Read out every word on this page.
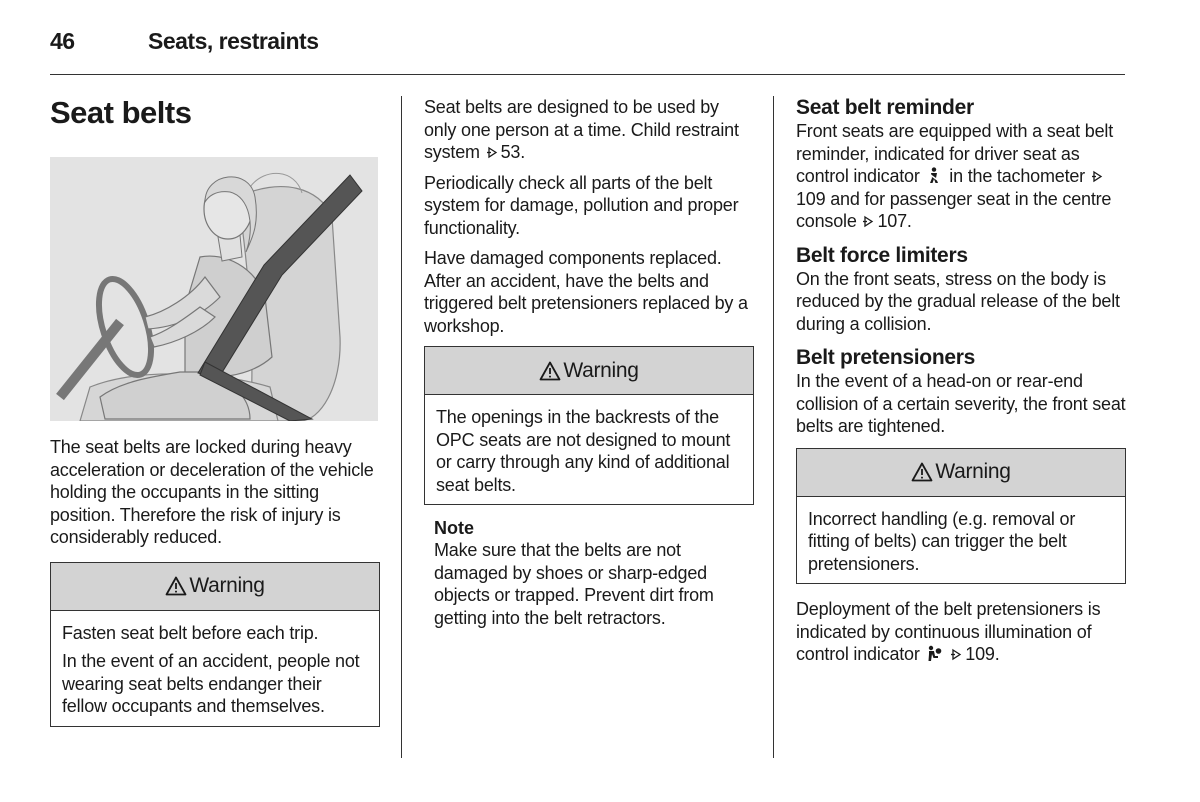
46	Seats, restraints
Seat belts

The seat belts are locked during heavy acceleration or deceleration of the vehicle holding the occupants in the sitting position. Therefore the risk of injury is considerably reduced.

Warning

Fasten seat belt before each trip.

In the event of an accident, people not wearing seat belts endanger their fellow occupants and themselves.

Seat belts are designed to be used by only one person at a time. Child restraint system 53.

Periodically check all parts of the belt system for damage, pollution and proper functionality.

Have damaged components replaced. After an accident, have the belts and triggered belt pretensioners replaced by a workshop.

Warning

The openings in the backrests of the OPC seats are not designed to mount or carry through any kind of additional seat belts.

Note

Make sure that the belts are not damaged by shoes or sharp-edged objects or trapped. Prevent dirt from getting into the belt retractors.

Seat belt reminder

Front seats are equipped with a seat belt reminder, indicated for driver seat as control indicator in the tachometer 109 and for passenger seat in the centre console 107.

Belt force limiters

On the front seats, stress on the body is reduced by the gradual release of the belt during a collision.

Belt pretensioners

In the event of a head-on or rear-end collision of a certain severity, the front seat belts are tightened.

Warning

Incorrect handling (e.g. removal or fitting of belts) can trigger the belt pretensioners.

Deployment of the belt pretensioners is indicated by continuous illumination of control indicator	109.
